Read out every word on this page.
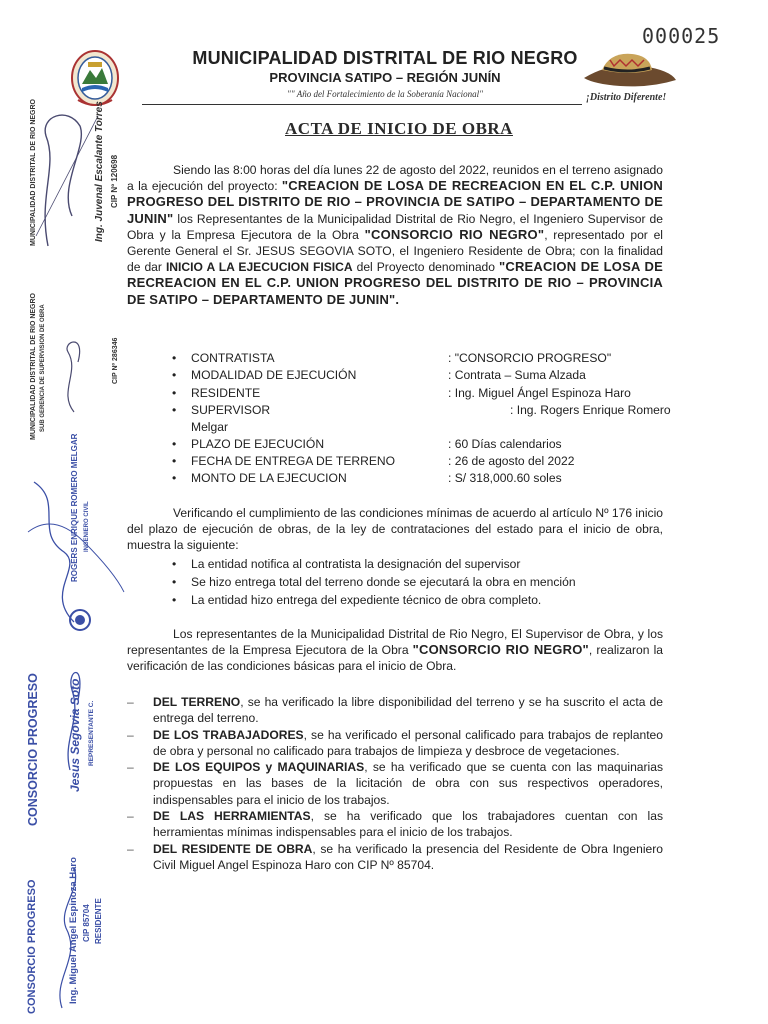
000025
MUNICIPALIDAD DISTRITAL DE RIO NEGRO
PROVINCIA SATIPO – REGIÓN JUNÍN
"" Año del Fortalecimiento de la Soberanía Nacional"	¡Distrito Diferente!
ACTA DE INICIO DE OBRA

Siendo las 8:00 horas del día lunes 22 de agosto del 2022, reunidos en el terreno asignado a la ejecución del proyecto: "CREACION DE LOSA DE RECREACION EN EL C.P. UNION PROGRESO DEL DISTRITO DE RIO – PROVINCIA DE SATIPO – DEPARTAMENTO DE JUNIN" los Representantes de la Municipalidad Distrital de Rio Negro, el Ingeniero Supervisor de Obra y la Empresa Ejecutora de la Obra "CONSORCIO RIO NEGRO", representado por el Gerente General el Sr. JESUS SEGOVIA SOTO, el Ingeniero Residente de Obra; con la finalidad de dar INICIO A LA EJECUCION FISICA del Proyecto denominado "CREACION DE LOSA DE RECREACION EN EL C.P. UNION PROGRESO DEL DISTRITO DE RIO – PROVINCIA DE SATIPO – DEPARTAMENTO DE JUNIN".

• CONTRATISTA	: "CONSORCIO PROGRESO"
• MODALIDAD DE EJECUCIÓN	: Contrata – Suma Alzada
• RESIDENTE	: Ing. Miguel Ángel Espinoza Haro
• SUPERVISOR	: Ing. Rogers Enrique Romero
Melgar
• PLAZO DE EJECUCIÓN	: 60 Días calendarios
• FECHA DE ENTREGA DE TERRENO	: 26 de agosto del 2022
• MONTO DE LA EJECUCION	: S/ 318,000.60 soles

Verificando el cumplimiento de las condiciones mínimas de acuerdo al artículo Nº 176 inicio del plazo de ejecución de obras, de la ley de contrataciones del estado para el inicio de obra, muestra la siguiente:

• La entidad notifica al contratista la designación del supervisor
• Se hizo entrega total del terreno donde se ejecutará la obra en mención
• La entidad hizo entrega del expediente técnico de obra completo.

Los representantes de la Municipalidad Distrital de Rio Negro, El Supervisor de Obra, y los representantes de la Empresa Ejecutora de la Obra "CONSORCIO RIO NEGRO", realizaron la verificación de las condiciones básicas para el inicio de Obra.

– DEL TERRENO, se ha verificado la libre disponibilidad del terreno y se ha suscrito el acta de entrega del terreno.
– DE LOS TRABAJADORES, se ha verificado el personal calificado para trabajos de replanteo de obra y personal no calificado para trabajos de limpieza y desbroce de vegetaciones.
– DE LOS EQUIPOS y MAQUINARIAS, se ha verificado que se cuenta con las maquinarias propuestas en las bases de la licitación de obra con sus respectivos operadores, indispensables para el inicio de los trabajos.
– DE LAS HERRAMIENTAS, se ha verificado que los trabajadores cuentan con las herramientas mínimas indispensables para el inicio de los trabajos.
– DEL RESIDENTE DE OBRA, se ha verificado la presencia del Residente de Obra Ingeniero Civil Miguel Angel Espinoza Haro con CIP Nº 85704.
MUNICIPALIDAD DISTRITAL DE RIO NEGRO	Ing. Juvenal Escalante Torres CIP Nº 120698
MUNICIPALIDAD DISTRITAL DE RIO NEGRO SUB GERENCIA DE SUPERVISION DE OBRA	CIP Nº 286346
ROGERS ENRIQUE ROMERO MELGAR INGENIERO CIVIL
CONSORCIO PROGRESO Jesus Segovia Soto REPRESENTANTE C.
CONSORCIO PROGRESO	Ing. Miguel Angel Espinoza Haro CIP 85704 RESIDENTE
